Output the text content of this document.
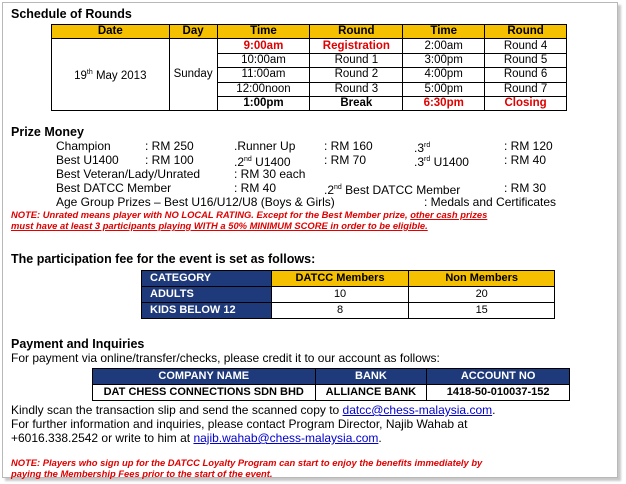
Schedule of Rounds
Date	Day	Time	Round	Time	Round
19th May 2013	Sunday	9:00am	Registration	2:00am	Round 4
		10:00am	Round 1	3:00pm	Round 5
		11:00am	Round 2	4:00pm	Round 6
		12:00noon	Round 3	5:00pm	Round 7
		1:00pm	Break	6:30pm	Closing
Prize Money
Champion	: RM 250	.Runner Up : RM 160	.3rd	: RM 120
Best U1400 : RM 100	.2nd U1400	: RM 70	.3rd U1400	: RM 40
Best Veteran/Lady/Unrated	: RM 30 each
Best DATCC Member	: RM 40	.2nd Best DATCC Member	: RM 30
Age Group Prizes – Best U16/U12/U8 (Boys & Girls)	: Medals and Certificates
NOTE: Unrated means player with NO LOCAL RATING. Except for the Best Member prize, other cash prizes
must have at least 3 participants playing WITH a 50% MINIMUM SCORE in order to be eligible.
The participation fee for the event is set as follows:
CATEGORY	DATCC Members	Non Members
ADULTS	10	20
KIDS BELOW 12	8	15
Payment and Inquiries
For payment via online/transfer/checks, please credit it to our account as follows:
COMPANY NAME	BANK	ACCOUNT NO
DAT CHESS CONNECTIONS SDN BHD	ALLIANCE BANK	1418-50-010037-152
Kindly scan the transaction slip and send the scanned copy to datcc@chess-malaysia.com.
For further information and inquiries, please contact Program Director, Najib Wahab at
+6016.338.2542 or write to him at najib.wahab@chess-malaysia.com.
NOTE: Players who sign up for the DATCC Loyalty Program can start to enjoy the benefits immediately by
paying the Membership Fees prior to the start of the event.
